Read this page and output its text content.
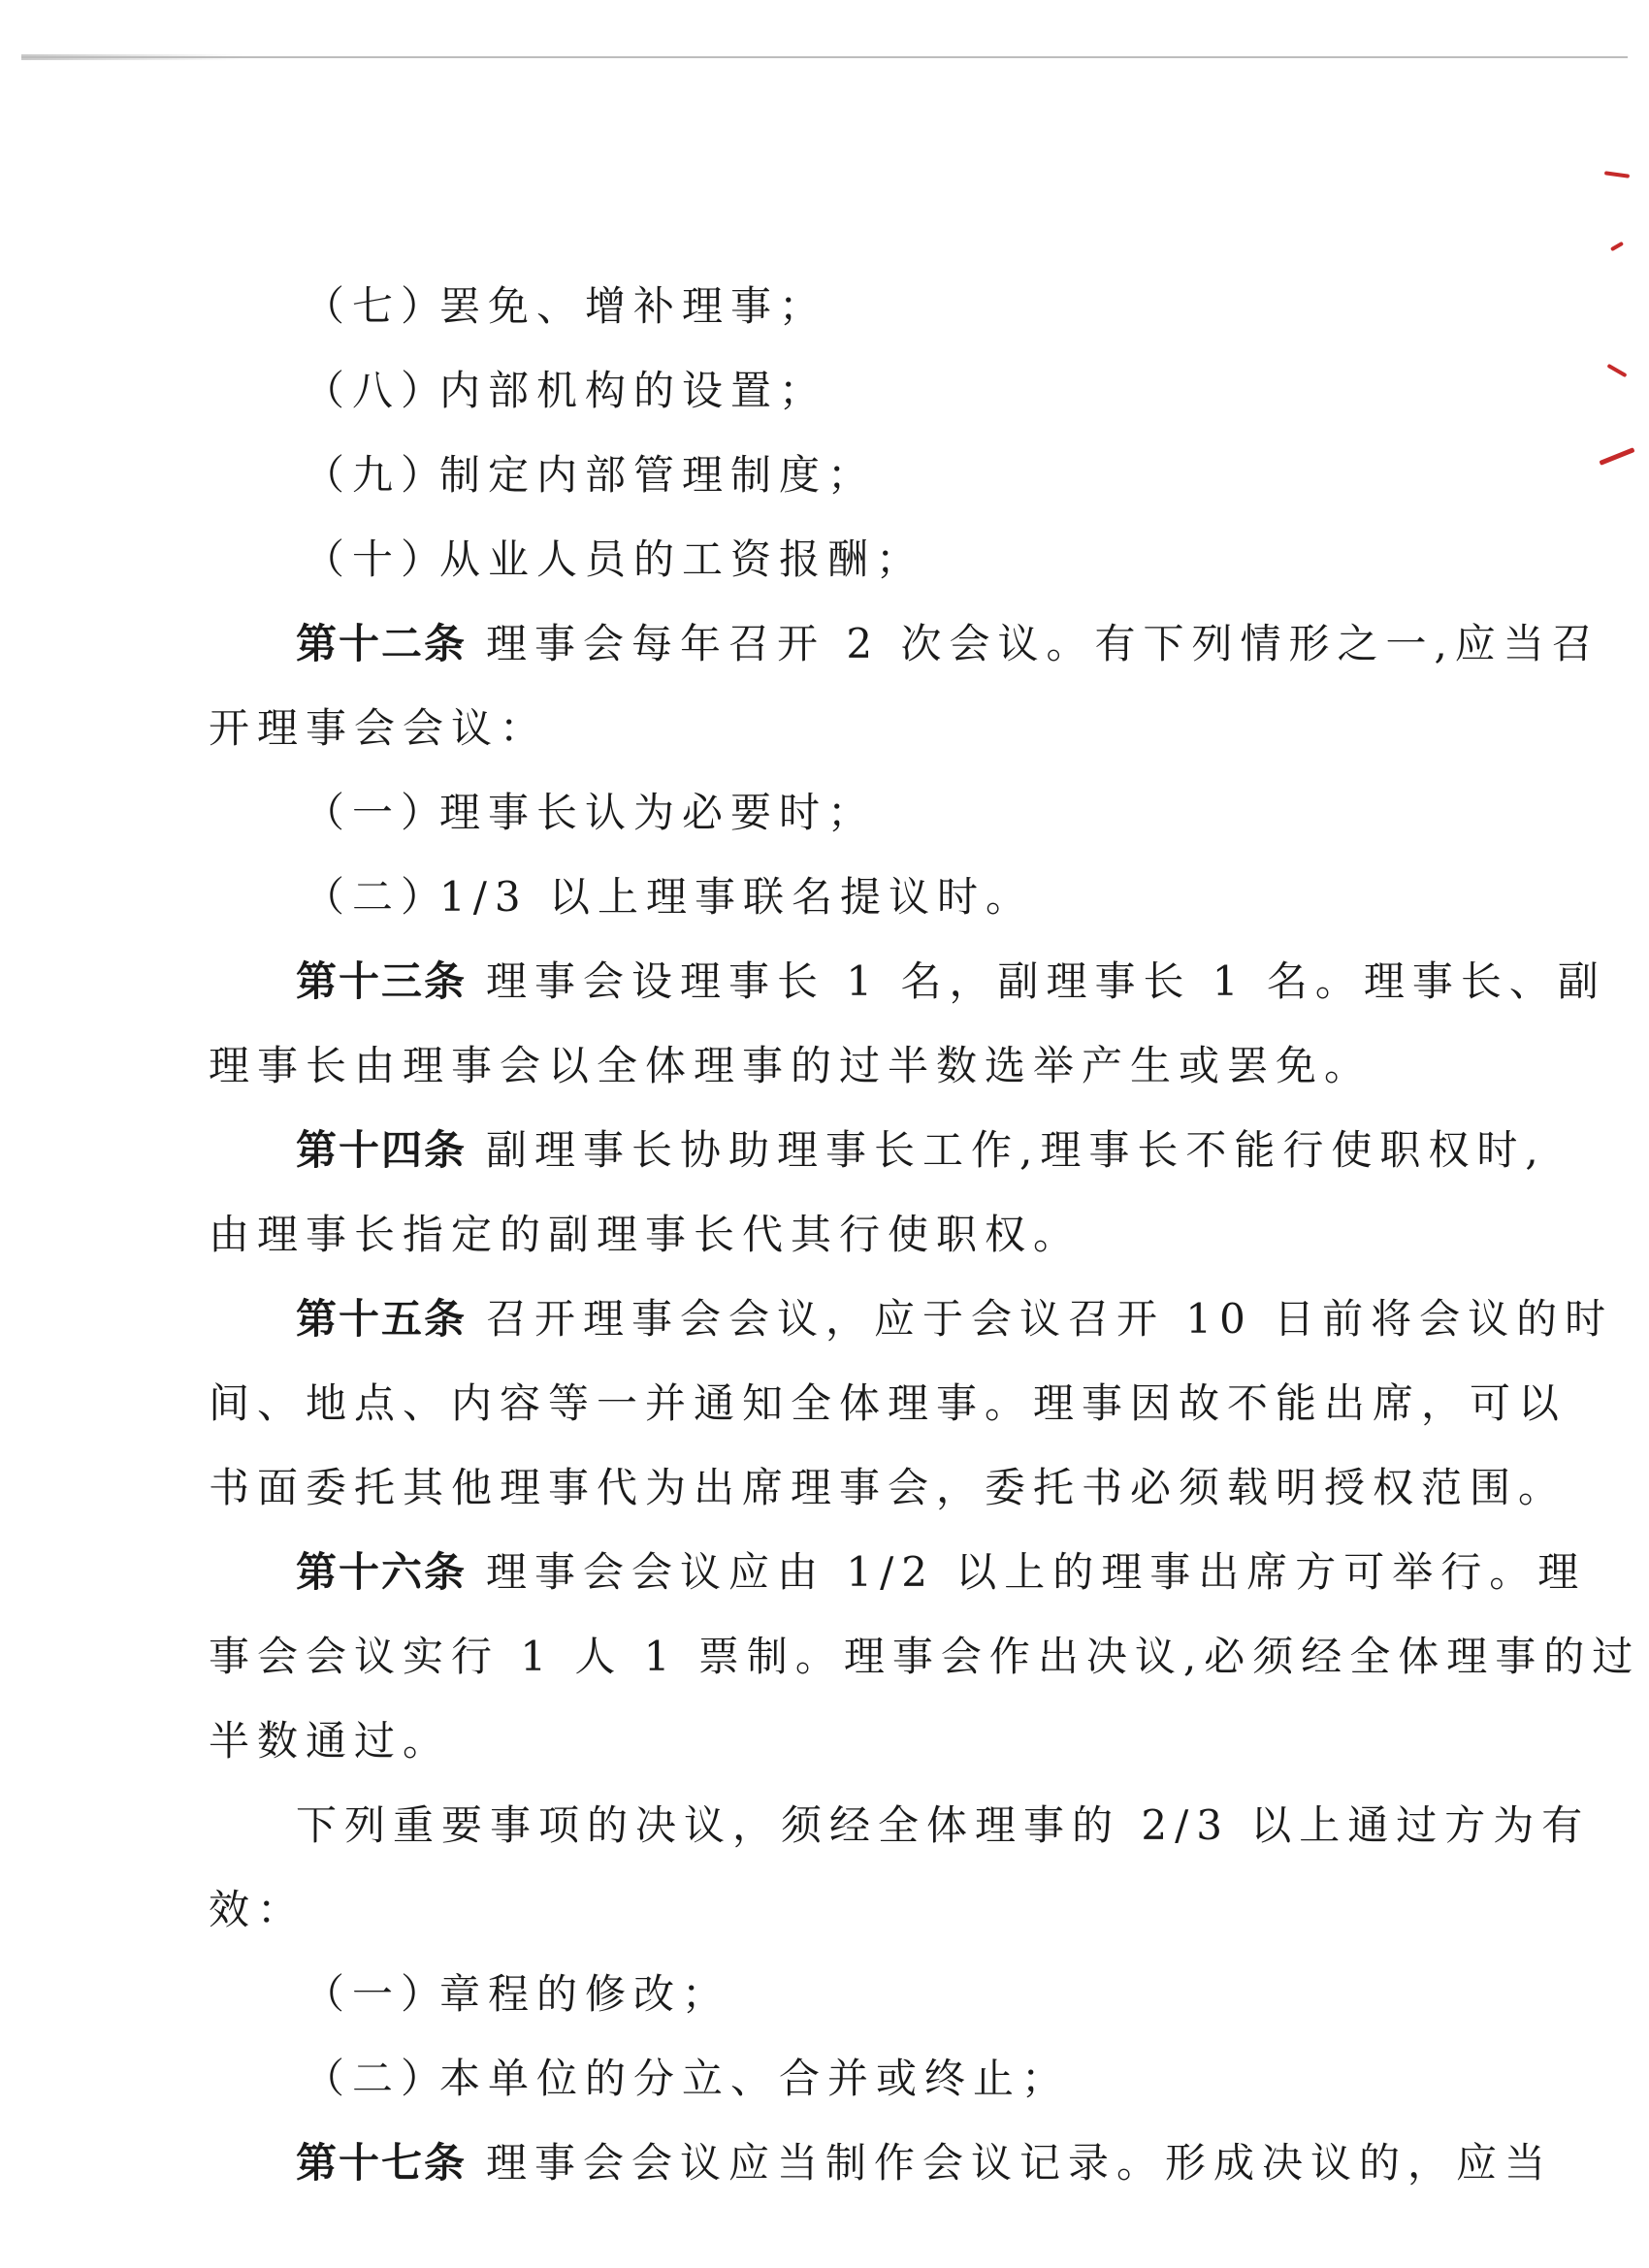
（七）罢免、增补理事；

（八）内部机构的设置；

（九）制定内部管理制度；

（十）从业人员的工资报酬；

第十二条 理事会每年召开 2 次会议。有下列情形之一,应当召

开理事会会议：

（一）理事长认为必要时；

（二）1/3 以上理事联名提议时。

第十三条 理事会设理事长 1 名，副理事长 1 名。理事长、副

理事长由理事会以全体理事的过半数选举产生或罢免。

第十四条 副理事长协助理事长工作,理事长不能行使职权时,

由理事长指定的副理事长代其行使职权。

第十五条 召开理事会会议，应于会议召开 10 日前将会议的时

间、地点、内容等一并通知全体理事。理事因故不能出席，可以

书面委托其他理事代为出席理事会，委托书必须载明授权范围。

第十六条 理事会会议应由 1/2 以上的理事出席方可举行。理

事会会议实行 1 人 1 票制。理事会作出决议,必须经全体理事的过

半数通过。

下列重要事项的决议，须经全体理事的 2/3 以上通过方为有

效：

（一）章程的修改；

（二）本单位的分立、合并或终止；

第十七条 理事会会议应当制作会议记录。形成决议的，应当
